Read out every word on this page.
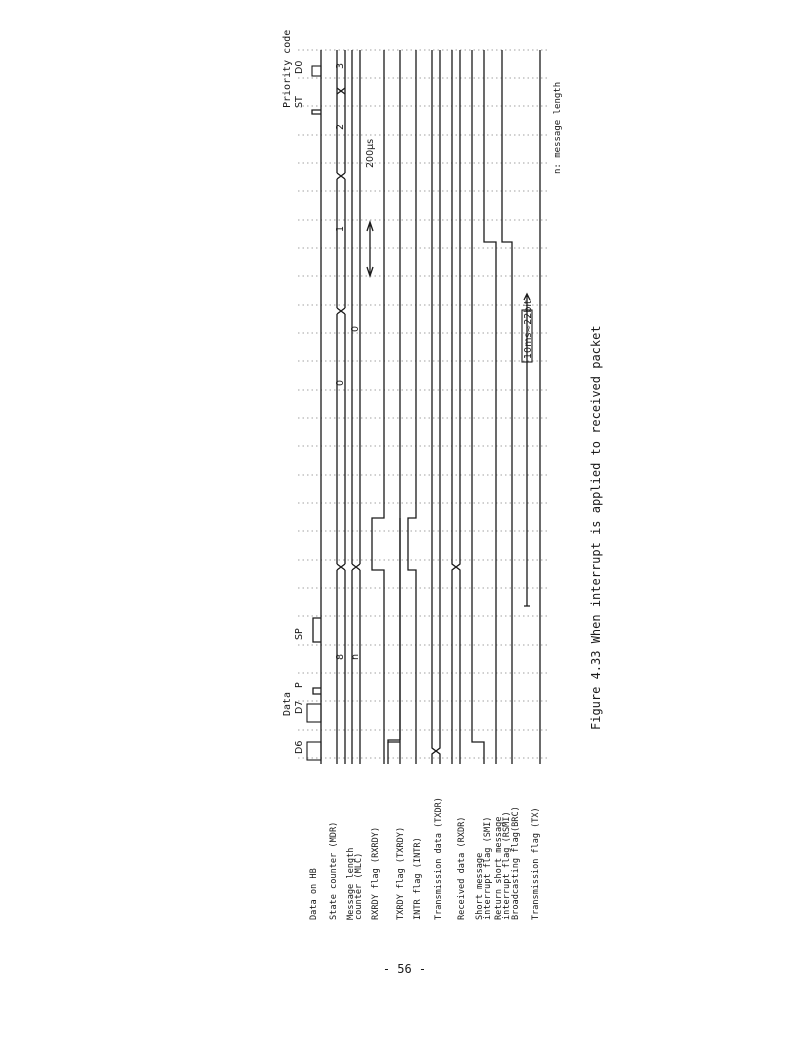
Data on HB State counter (MDR) Message length
counter (MLC) RXRDY flag (RXRDY) TXRDY flag (TXRDY) INTR flag (INTR) Transmission data (TXDR) Received data (RXDR) Short message
interrupt flag (SMI) Return short message
interrupt flag (RSMI) Broadcasting flag(BRC) Transmission flag (TX)
Data
Priority code
D6
D7
P
SP
ST
D0
8
0
1
2
3
n
0
200μs
10ms≈22bit	Figure 4.33 When interrupt is applied to received packet
n: message length
- 56 -
